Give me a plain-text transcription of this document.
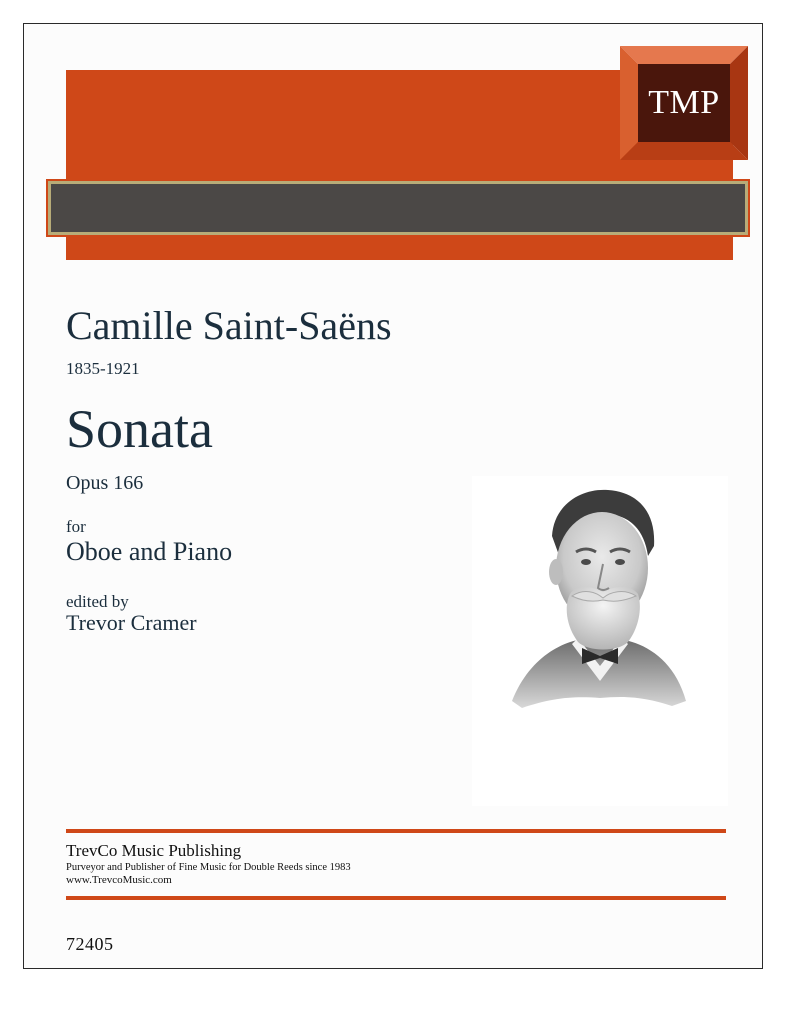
TMP
Camille Saint-Saëns
1835-1921
Sonata
Opus 166
for
Oboe and Piano
edited by
Trevor Cramer
TrevCo Music Publishing
Purveyor and Publisher of Fine Music for Double Reeds since 1983
www.TrevcoMusic.com
72405
